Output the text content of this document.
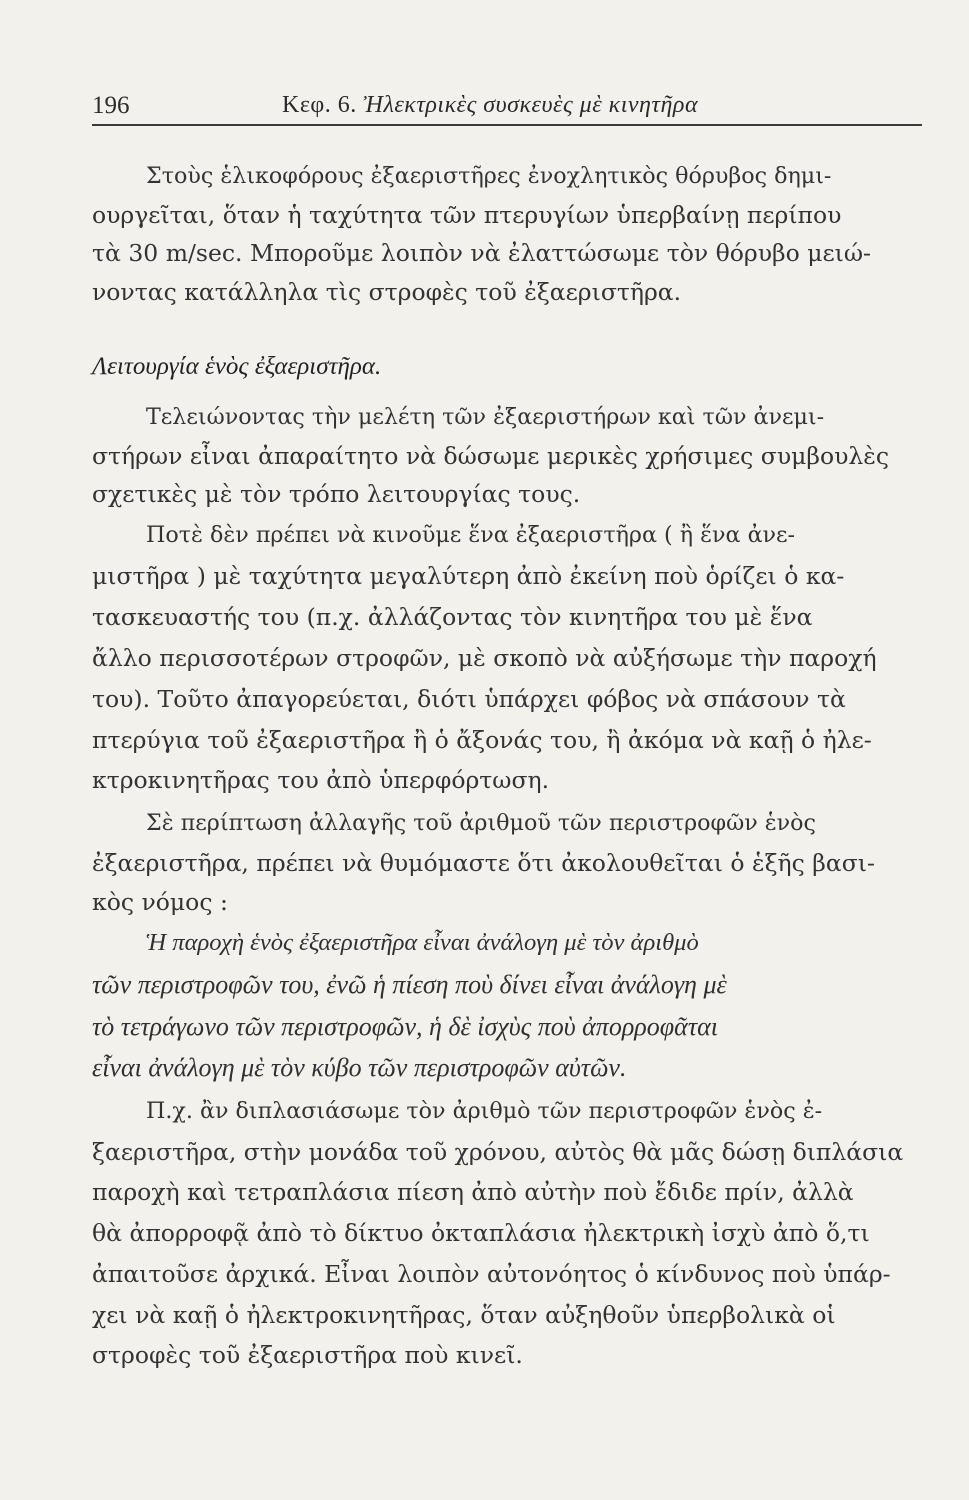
196	Κεφ. 6. Ἠλεκτρικὲς συσκευὲς μὲ κινητῆρα
Στοὺς ἑλικοφόρους ἐξαεριστῆρες ἐνοχλητικὸς θόρυβος δημι-
ουργεῖται, ὅταν ἡ ταχύτητα τῶν πτερυγίων ὑπερβαίνῃ περίπου
τὰ 30 m/sec. Μποροῦμε λοιπὸν νὰ ἐλαττώσωμε τὸν θόρυβο μειώ-
νοντας κατάλληλα τὶς στροφὲς τοῦ ἐξαεριστῆρα.
Λειτουργία ἑνὸς ἐξαεριστῆρα.
Τελειώνοντας τὴν μελέτη τῶν ἐξαεριστήρων καὶ τῶν ἀνεμι-
στήρων εἶναι ἀπαραίτητο νὰ δώσωμε μερικὲς χρήσιμες συμβουλὲς
σχετικὲς μὲ τὸν τρόπο λειτουργίας τους.
Ποτὲ δὲν πρέπει νὰ κινοῦμε ἕνα ἐξαεριστῆρα ( ἢ ἕνα ἀνε-
μιστῆρα ) μὲ ταχύτητα μεγαλύτερη ἀπὸ ἐκείνη ποὺ ὁρίζει ὁ κα-
τασκευαστής του (π.χ. ἀλλάζοντας τὸν κινητῆρα του μὲ ἕνα
ἄλλο περισσοτέρων στροφῶν, μὲ σκοπὸ νὰ αὐξήσωμε τὴν παροχή
του). Τοῦτο ἀπαγορεύεται, διότι ὑπάρχει φόβος νὰ σπάσουν τὰ
πτερύγια τοῦ ἐξαεριστῆρα ἢ ὁ ἄξονάς του, ἢ ἀκόμα νὰ καῇ ὁ ἠλε-
κτροκινητῆρας του ἀπὸ ὑπερφόρτωση.
Σὲ περίπτωση ἀλλαγῆς τοῦ ἀριθμοῦ τῶν περιστροφῶν ἑνὸς
ἐξαεριστῆρα, πρέπει νὰ θυμόμαστε ὅτι ἀκολουθεῖται ὁ ἑξῆς βασι-
κὸς νόμος :
Ἡ παροχὴ ἑνὸς ἐξαεριστῆρα εἶναι ἀνάλογη μὲ τὸν ἀριθμὸ
τῶν περιστροφῶν του, ἐνῶ ἡ πίεση ποὺ δίνει εἶναι ἀνάλογη μὲ
τὸ τετράγωνο τῶν περιστροφῶν, ἡ δὲ ἰσχὺς ποὺ ἀπορροφᾶται
εἶναι ἀνάλογη μὲ τὸν κύβο τῶν περιστροφῶν αὐτῶν.
Π.χ. ἂν διπλασιάσωμε τὸν ἀριθμὸ τῶν περιστροφῶν ἑνὸς ἐ-
ξαεριστῆρα, στὴν μονάδα τοῦ χρόνου, αὐτὸς θὰ μᾶς δώσῃ διπλάσια
παροχὴ καὶ τετραπλάσια πίεση ἀπὸ αὐτὴν ποὺ ἔδιδε πρίν, ἀλλὰ
θὰ ἀπορροφᾷ ἀπὸ τὸ δίκτυο ὀκταπλάσια ἠλεκτρικὴ ἰσχὺ ἀπὸ ὅ,τι
ἀπαιτοῦσε ἀρχικά. Εἶναι λοιπὸν αὐτονόητος ὁ κίνδυνος ποὺ ὑπάρ-
χει νὰ καῇ ὁ ἠλεκτροκινητῆρας, ὅταν αὐξηθοῦν ὑπερβολικὰ οἱ
στροφὲς τοῦ ἐξαεριστῆρα ποὺ κινεῖ.
